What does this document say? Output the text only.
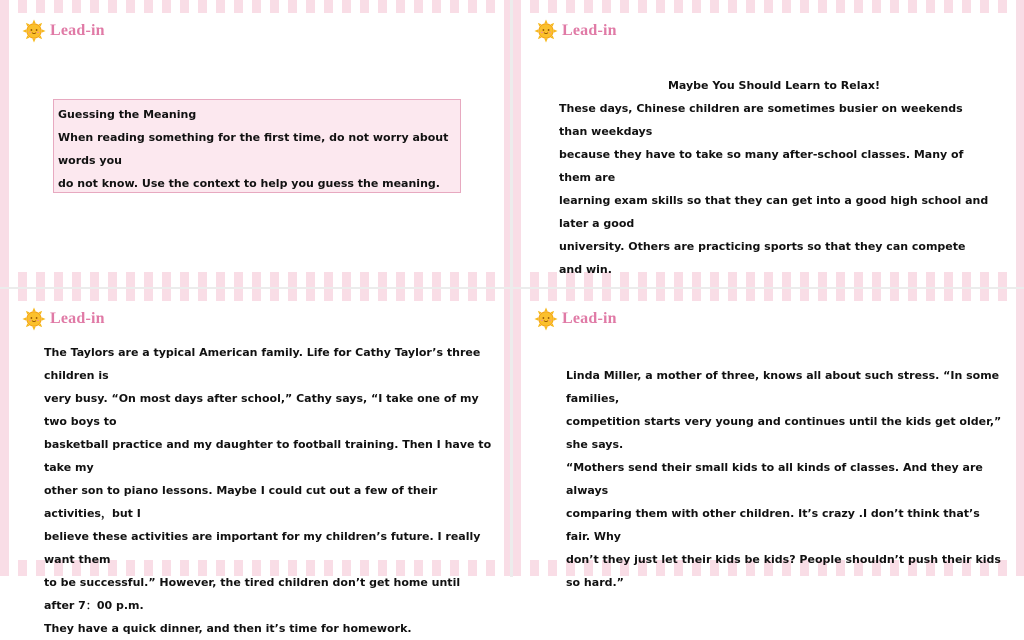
Lead-in
Guessing the Meaning
When reading something for the first time, do not worry about words you
do not know. Use the context to help you guess the meaning.
Lead-in
Maybe You Should Learn to Relax!
These days, Chinese children are sometimes busier on weekends than weekdays
because they have to take so many after-school classes. Many of them are
learning exam skills so that they can get into a good high school and later a good
university. Others are practicing sports so that they can compete and win.
Lead-in
The Taylors are a typical American family. Life for Cathy Taylor’s three children is
very busy. “On most days after school,” Cathy says, “I take one of my two boys to
basketball practice and my daughter to football training. Then I have to take my
other son to piano lessons. Maybe I could cut out a few of their activities，but I
believe these activities are important for my children’s future. I really want them
to be successful.” However, the tired children don’t get home until after 7：00 p.m.
They have a quick dinner, and then it’s time for homework.
Lead-in
Linda Miller, a mother of three, knows all about such stress. “In some families,
competition starts very young and continues until the kids get older,” she says.
“Mothers send their small kids to all kinds of classes. And they are always
comparing them with other children. It’s crazy .I don’t think that’s fair. Why
don’t they just let their kids be kids? People shouldn’t push their kids so hard.”
